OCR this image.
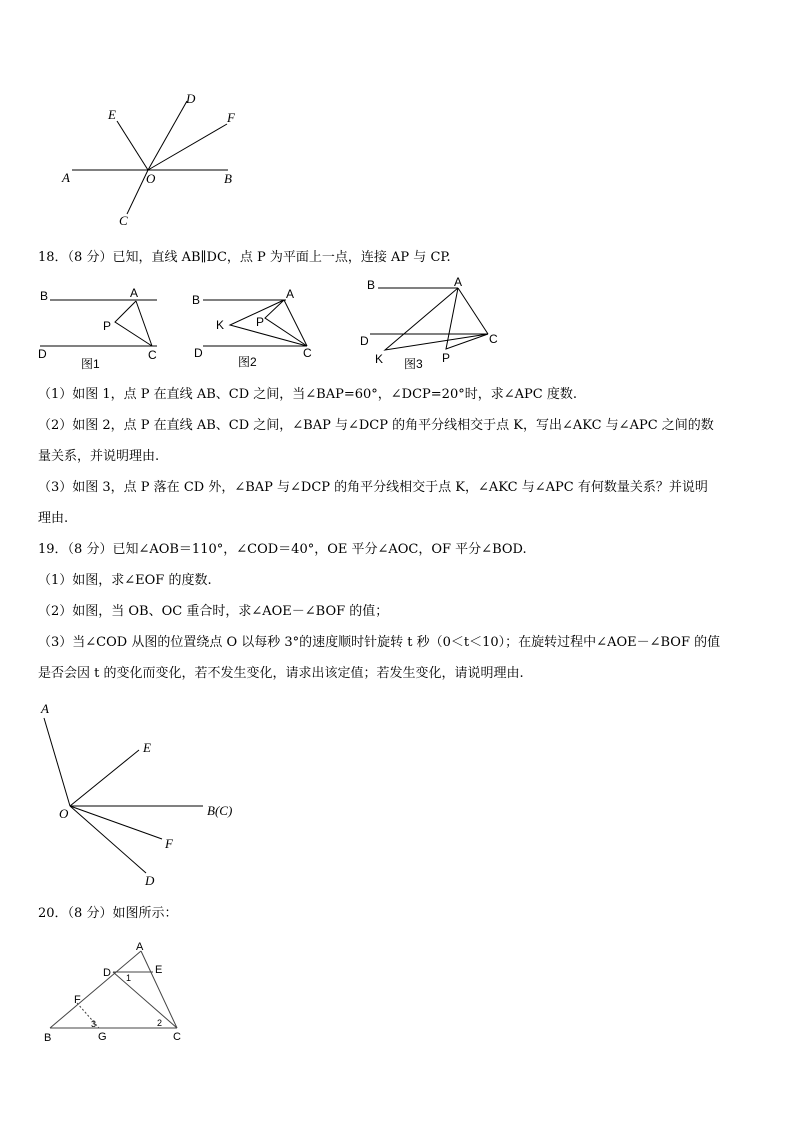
A	B
C
D
E	F
O
18．（8 分）已知，直线 AB∥DC，点 P 为平面上一点，连接 AP 与 CP.
B	A
P
D	C
图1
B	A
K	P
D	C
图2
B	A
D	C
K	P
图3
（1）如图 1，点 P 在直线 AB、CD 之间，当∠BAP=60°，∠DCP=20°时，求∠APC 度数.
（2）如图 2，点 P 在直线 AB、CD 之间，∠BAP 与∠DCP 的角平分线相交于点 K，写出∠AKC 与∠APC 之间的数
量关系，并说明理由.
（3）如图 3，点 P 落在 CD 外，∠BAP 与∠DCP 的角平分线相交于点 K，∠AKC 与∠APC 有何数量关系？并说明
理由.
19．（8 分）已知∠AOB＝110°，∠COD＝40°，OE 平分∠AOC，OF 平分∠BOD.
（1）如图，求∠EOF 的度数.
（2）如图，当 OB、OC 重合时，求∠AOE－∠BOF 的值；
（3）当∠COD 从图的位置绕点 O 以每秒 3°的速度顺时针旋转 t 秒（0＜t＜10）；在旋转过程中∠AOE－∠BOF 的值
是否会因 t 的变化而变化，若不发生变化，请求出该定值；若发生变化，请说明理由.
A
E
O	B(C)
F
D
20．（8 分）如图所示：
A
D	E
F
B	G	C
1
2
3
